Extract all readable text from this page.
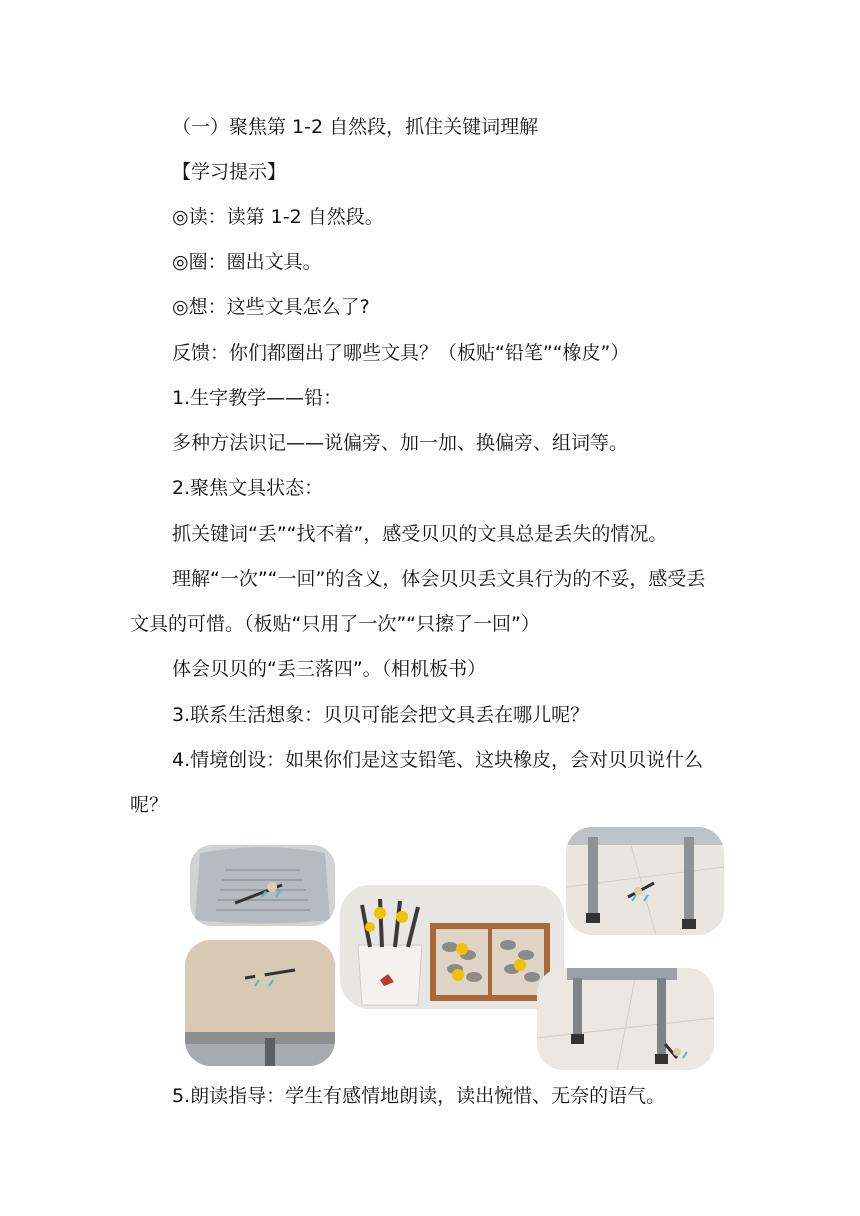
（一）聚焦第 1-2 自然段，抓住关键词理解
【学习提示】
◎读：读第 1-2 自然段。
◎圈：圈出文具。
◎想：这些文具怎么了?
反馈：你们都圈出了哪些文具？（板贴“铅笔”“橡皮”）
1.生字教学——铅：
多种方法识记——说偏旁、加一加、换偏旁、组词等。
2.聚焦文具状态：
抓关键词“丢”“找不着”，感受贝贝的文具总是丢失的情况。
理解“一次”“一回”的含义，体会贝贝丢文具行为的不妥，感受丢
文具的可惜。（板贴“只用了一次”“只擦了一回”）
体会贝贝的“丢三落四”。（相机板书）
3.联系生活想象：贝贝可能会把文具丢在哪儿呢？
4.情境创设：如果你们是这支铅笔、这块橡皮，会对贝贝说什么
呢？
5.朗读指导：学生有感情地朗读，读出惋惜、无奈的语气。
